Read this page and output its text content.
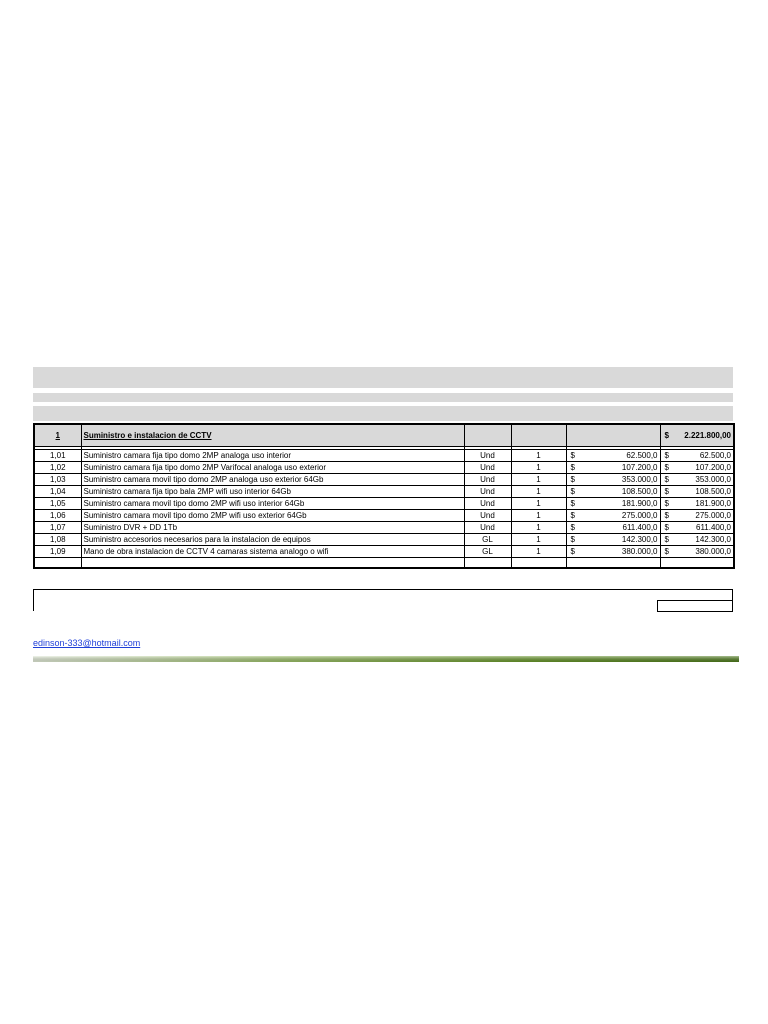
1	Suministro e instalacion de CCTV				$ 2.221.800,00

1,01	Suministro camara fija tipo domo 2MP analoga uso interior	Und	1	$ 62.500,0	$ 62.500,0

1,02	Suministro camara fija tipo domo 2MP Varifocal analoga uso exterior	Und	1	$ 107.200,0	$ 107.200,0

1,03	Suministro camara movil tipo domo 2MP analoga uso exterior 64Gb	Und	1	$ 353.000,0	$ 353.000,0

1,04	Suministro camara fija tipo bala 2MP wifi uso interior 64Gb	Und	1	$ 108.500,0	$ 108.500,0

1,05	Suministro camara movil tipo domo 2MP wifi uso interior 64Gb	Und	1	$ 181.900,0	$ 181.900,0

1,06	Suministro camara movil tipo domo 2MP wifi uso exterior 64Gb	Und	1	$ 275.000,0	$ 275.000,0

1,07	Suministro DVR + DD 1Tb	Und	1	$ 611.400,0	$ 611.400,0

1,08	Suministro accesorios necesarios para la instalacion de equipos	GL	1	$ 142.300,0	$ 142.300,0

1,09	Mano de obra instalacion de CCTV 4 camaras sistema analogo o wifi	GL	1	$ 380.000,0	$ 380.000,0

edinson-333@hotmail.com
